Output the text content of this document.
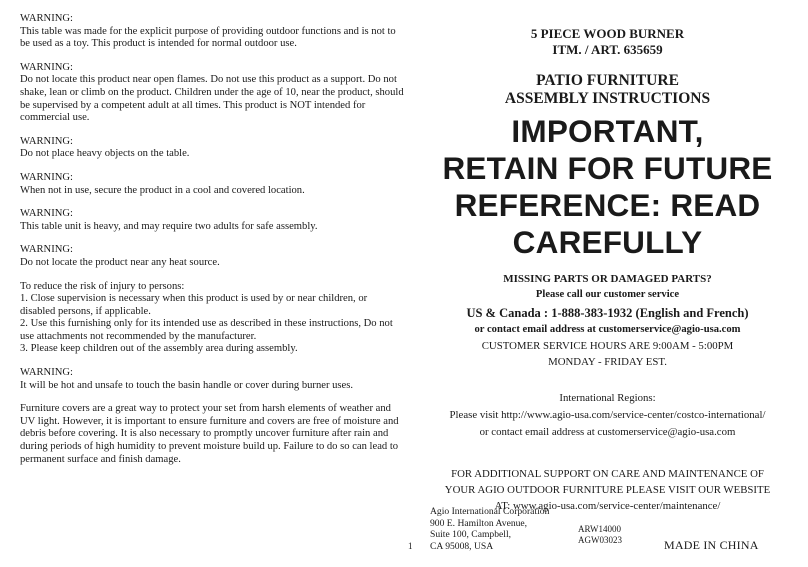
WARNING:

This table was made for the explicit purpose of providing outdoor functions and is not to be used as a toy. This product is intended for normal outdoor use.

WARNING:

Do not locate this product near open flames. Do not use this product as a support. Do not shake, lean or climb on the product. Children under the age of 10, near the product, should be supervised by a competent adult at all times. This product is NOT intended for commercial use.

WARNING:

Do not place heavy objects on the table.

WARNING:

When not in use, secure the product in a cool and covered location.

WARNING:

This table unit is heavy, and may require two adults for safe assembly.

WARNING:

Do not locate the product near any heat source.

To reduce the risk of injury to persons:

1. Close supervision is necessary when this product is used by or near children, or disabled persons, if applicable.

2. Use this furnishing only for its intended use as described in these instructions, Do not use attachments not recommended by the manufacturer.

3. Please keep children out of the assembly area during assembly.

WARNING:

It will be hot and unsafe to touch the basin handle or cover during burner uses.

Furniture covers are a great way to protect your set from harsh elements of weather and UV light. However, it is important to ensure furniture and covers are free of moisture and debris before covering. It is also necessary to promptly uncover furniture after rain and during periods of high humidity to prevent moisture build up. Failure to do so can lead to permanent surface and finish damage.

5 PIECE WOOD BURNER
ITM. / ART. 635659
PATIO FURNITURE
ASSEMBLY INSTRUCTIONS
IMPORTANT,
RETAIN FOR FUTURE
REFERENCE: READ
CAREFULLY
MISSING PARTS OR DAMAGED PARTS?
Please call our customer service
US & Canada : 1-888-383-1932 (English and French)
or contact email address at customerservice@agio-usa.com
CUSTOMER SERVICE HOURS ARE 9:00AM - 5:00PM
MONDAY - FRIDAY EST.
International Regions:
Please visit http://www.agio-usa.com/service-center/costco-international/
or contact email address at customerservice@agio-usa.com
FOR ADDITIONAL SUPPORT ON CARE AND MAINTENANCE OF
YOUR AGIO OUTDOOR FURNITURE PLEASE VISIT OUR WEBSITE
AT: www.agio-usa.com/service-center/maintenance/
Agio International Corporation
900 E. Hamilton Avenue,
Suite 100, Campbell,
CA 95008, USA
1
ARW14000
AGW03023	MADE IN CHINA
